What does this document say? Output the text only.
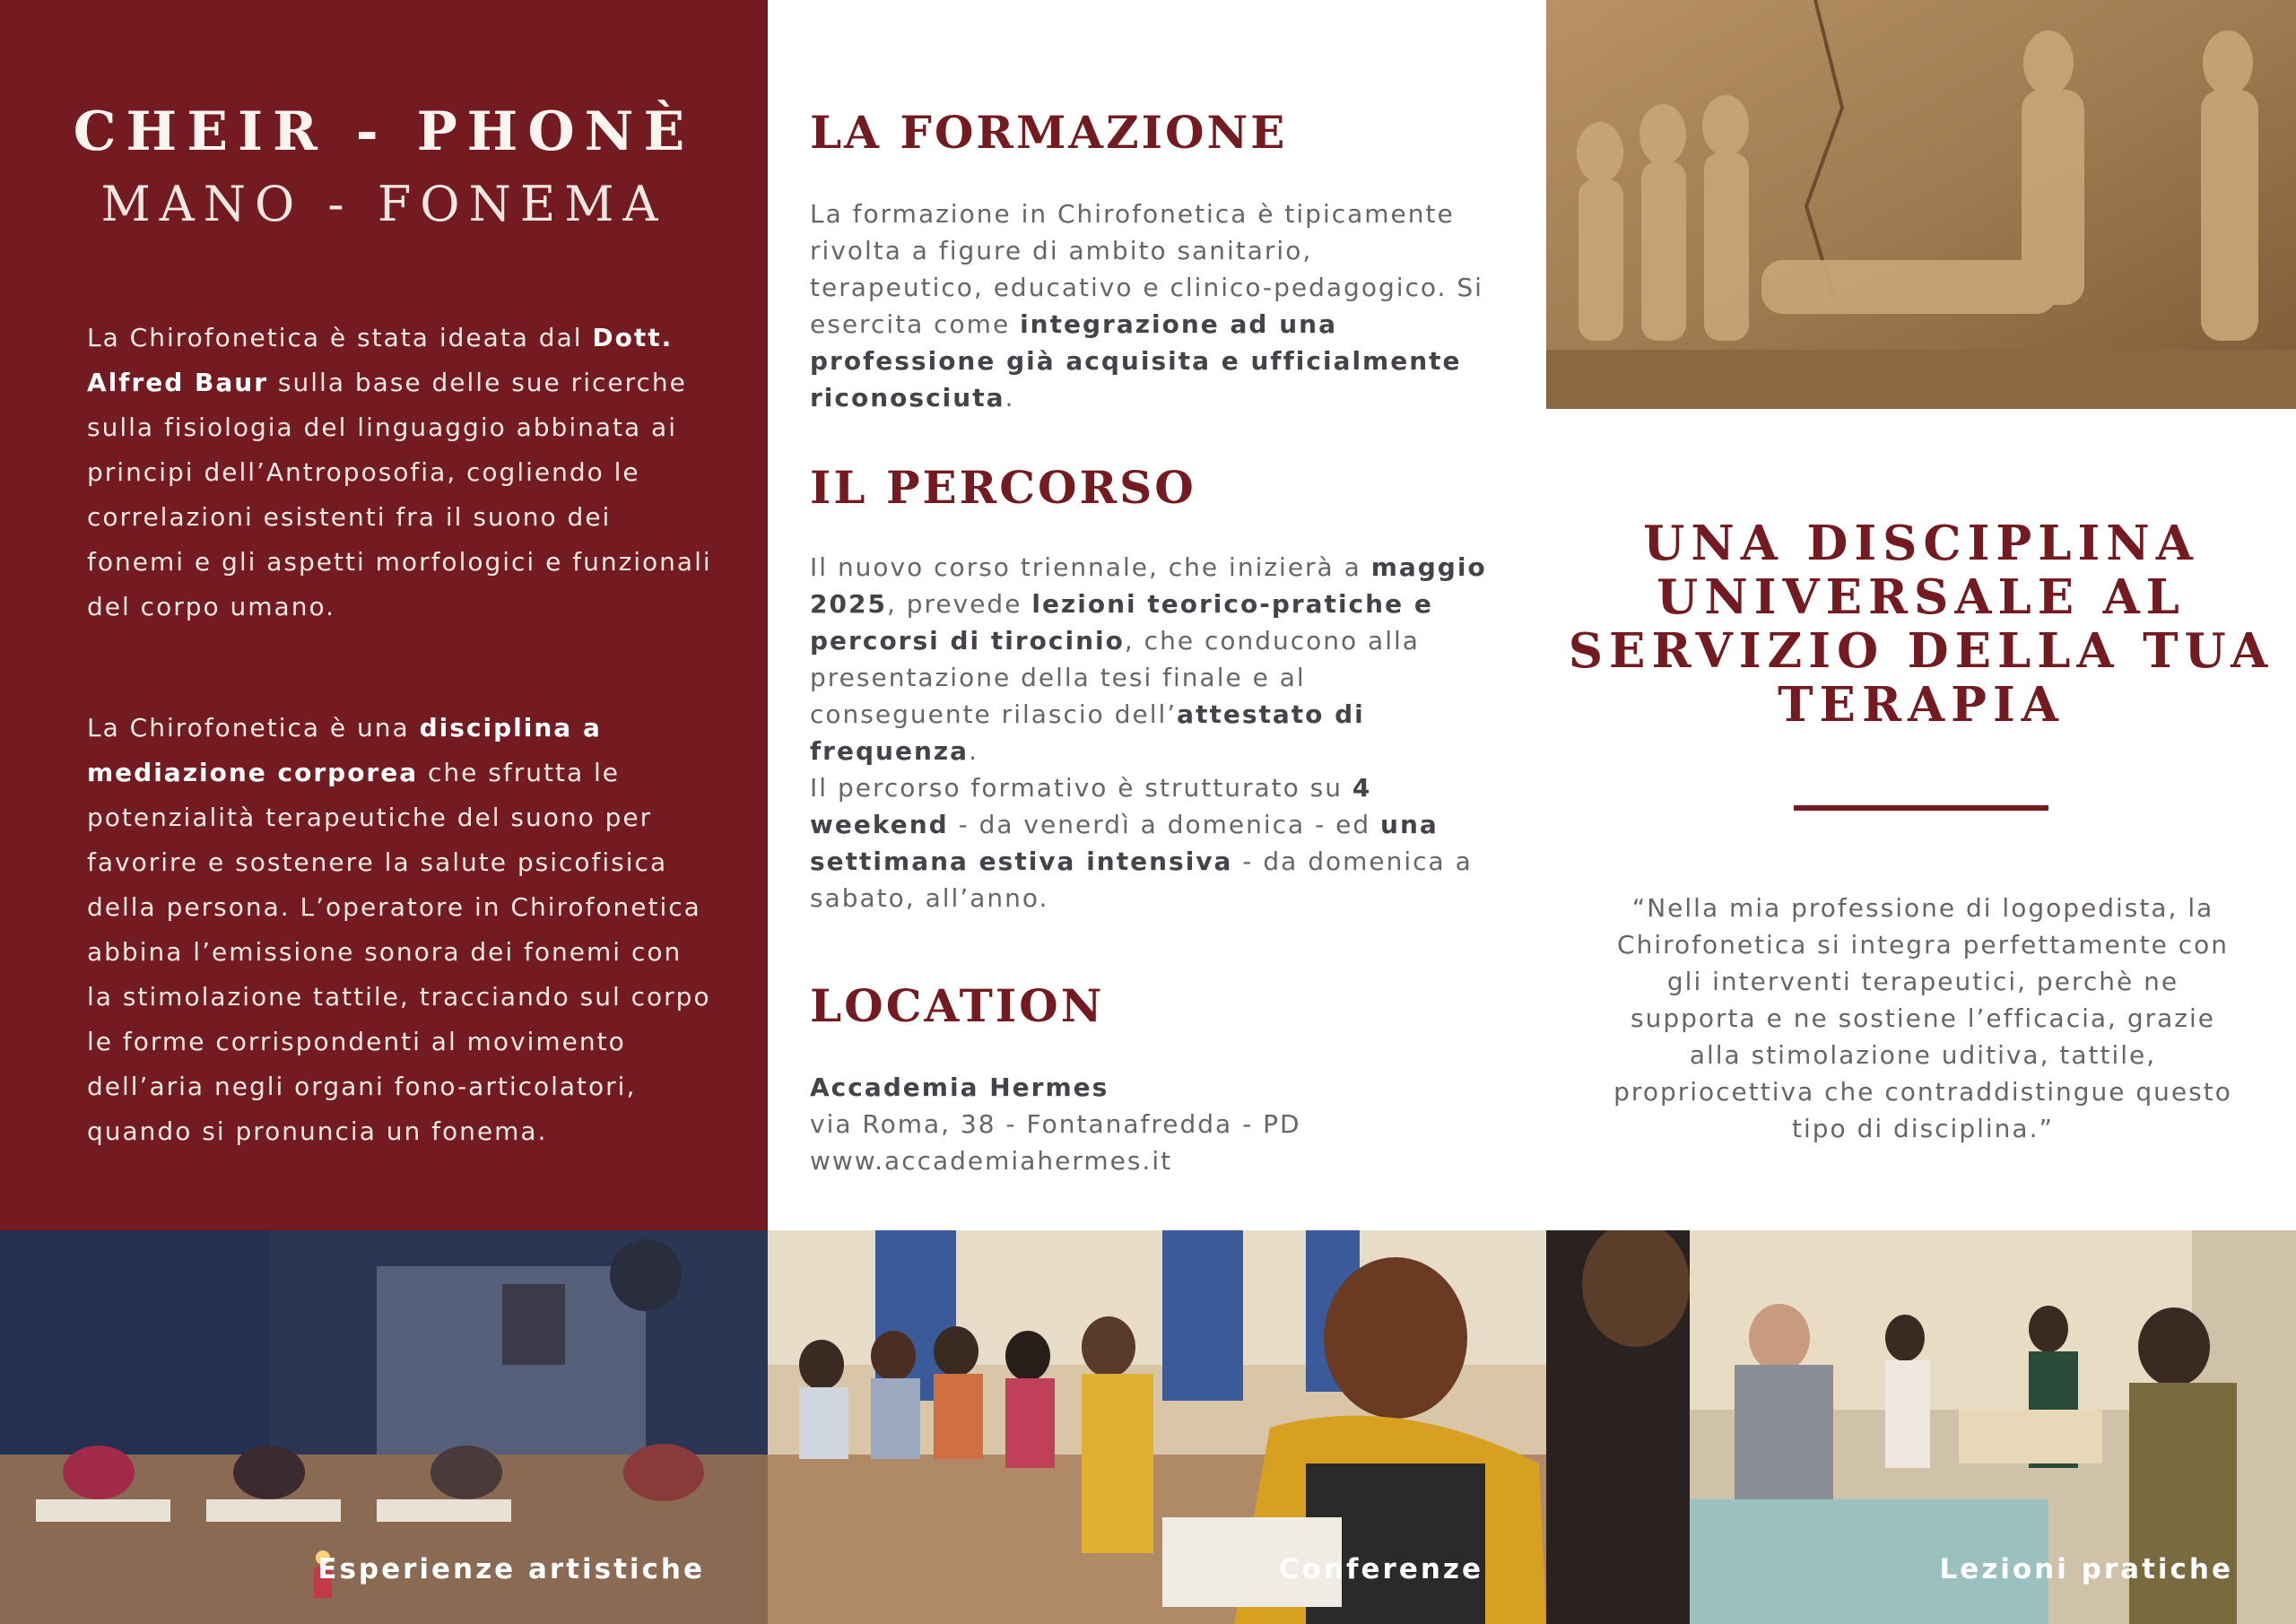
CHEIR - PHONÈ
MANO - FONEMA
La Chirofonetica è stata ideata dal Dott. Alfred Baur sulla base delle sue ricerche sulla fisiologia del linguaggio abbinata ai principi dell’Antroposofia, cogliendo le correlazioni esistenti fra il suono dei fonemi e gli aspetti morfologici e funzionali del corpo umano.
La Chirofonetica è una disciplina a mediazione corporea che sfrutta le potenzialità terapeutiche del suono per favorire e sostenere la salute psicofisica della persona. L’operatore in Chirofonetica abbina l’emissione sonora dei fonemi con la stimolazione tattile, tracciando sul corpo le forme corrispondenti al movimento dell’aria negli organi fono-articolatori, quando si pronuncia un fonema.
LA FORMAZIONE
La formazione in Chirofonetica è tipicamente rivolta a figure di ambito sanitario, terapeutico, educativo e clinico-pedagogico. Si esercita come integrazione ad una professione già acquisita e ufficialmente riconosciuta.
IL PERCORSO
Il nuovo corso triennale, che inizierà a maggio 2025, prevede lezioni teorico-pratiche e percorsi di tirocinio, che conducono alla presentazione della tesi finale e al conseguente rilascio dell’attestato di frequenza.
Il percorso formativo è strutturato su 4 weekend - da venerdì a domenica - ed una settimana estiva intensiva - da domenica a sabato, all’anno.
LOCATION
Accademia Hermes
via Roma, 38 - Fontanafredda - PD
www.accademiahermes.it
UNA DISCIPLINA UNIVERSALE AL SERVIZIO DELLA TUA TERAPIA
“Nella mia professione di logopedista, la Chirofonetica si integra perfettamente con gli interventi terapeutici, perchè ne supporta e ne sostiene l’efficacia, grazie alla stimolazione uditiva, tattile, propriocettiva che contraddistingue questo tipo di disciplina.”
Esperienze artistiche	Conferenze	Lezioni pratiche
